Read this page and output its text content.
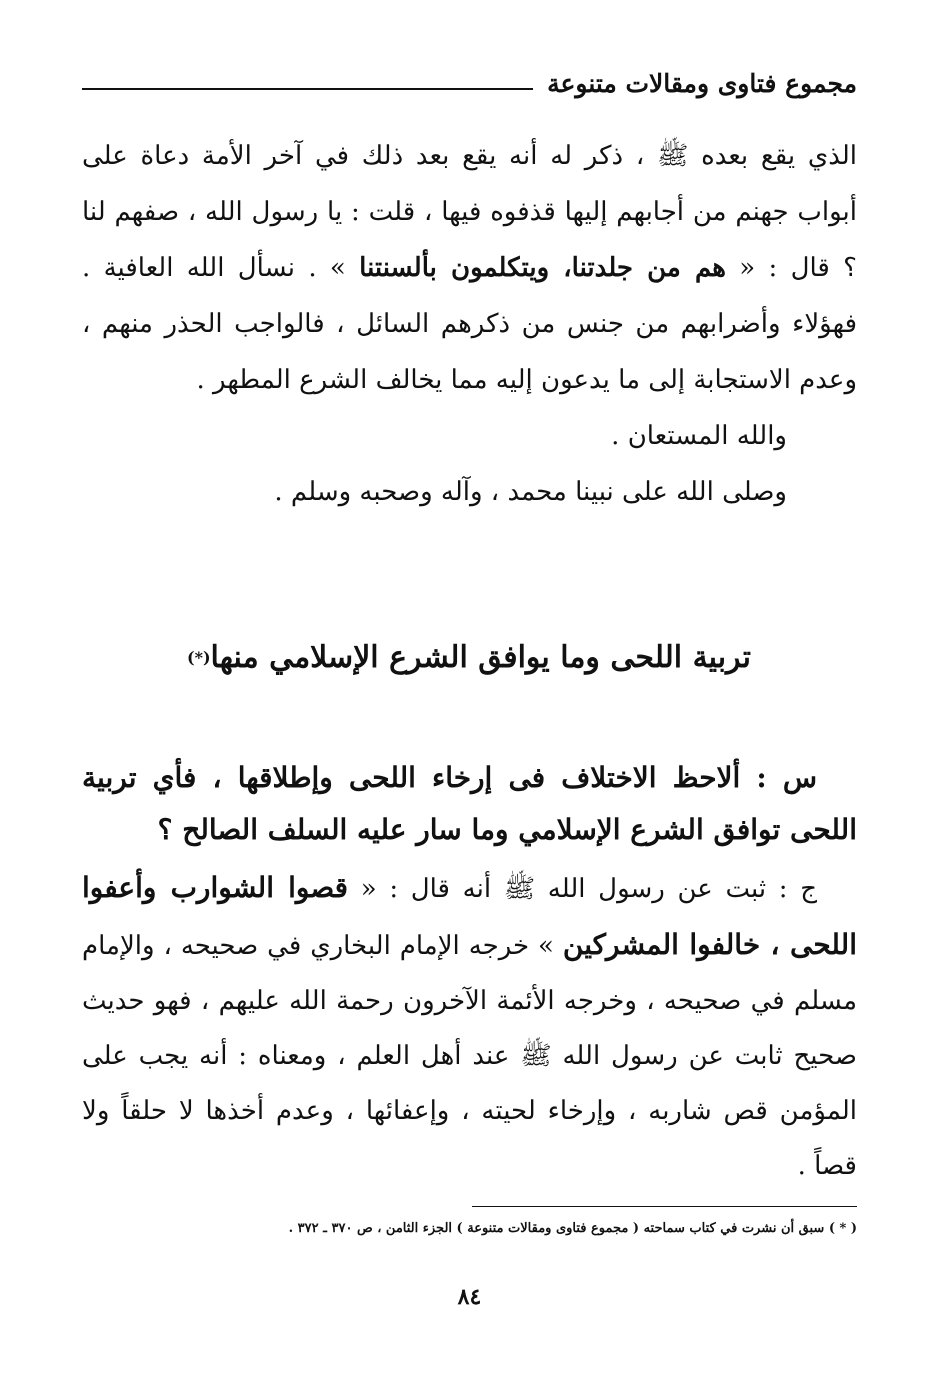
مجموع فتاوى ومقالات متنوعة

الذي يقع بعده ﷺ ، ذكر له أنه يقع بعد ذلك في آخر الأمة دعاة على أبواب جهنم من أجابهم إليها قذفوه فيها ، قلت : يا رسول الله ، صفهم لنا ؟ قال : « هم من جلدتنا، ويتكلمون بألسنتنا » . نسأل الله العافية . فهؤلاء وأضرابهم من جنس من ذكرهم السائل ، فالواجب الحذر منهم ، وعدم الاستجابة إلى ما يدعون إليه مما يخالف الشرع المطهر .

والله المستعان .

وصلى الله على نبينا محمد ، وآله وصحبه وسلم .

تربية اللحى وما يوافق الشرع الإسلامي منها(*)

س : ألاحظ الاختلاف فى إرخاء اللحى وإطلاقها ، فأي تربية اللحى توافق الشرع الإسلامي وما سار عليه السلف الصالح ؟

ج : ثبت عن رسول الله ﷺ أنه قال : « قصوا الشوارب وأعفوا اللحى ، خالفوا المشركين » خرجه الإمام البخاري في صحيحه ، والإمام مسلم في صحيحه ، وخرجه الأئمة الآخرون رحمة الله عليهم ، فهو حديث صحيح ثابت عن رسول الله ﷺ عند أهل العلم ، ومعناه : أنه يجب على المؤمن قص شاربه ، وإرخاء لحيته ، وإعفائها ، وعدم أخذها لا حلقاً ولا قصاً .

( * ) سبق أن نشرت في كتاب سماحته ( مجموع فتاوى ومقالات متنوعة ) الجزء الثامن ، ص ٣٧٠ ـ ٣٧٢ .
٨٤
